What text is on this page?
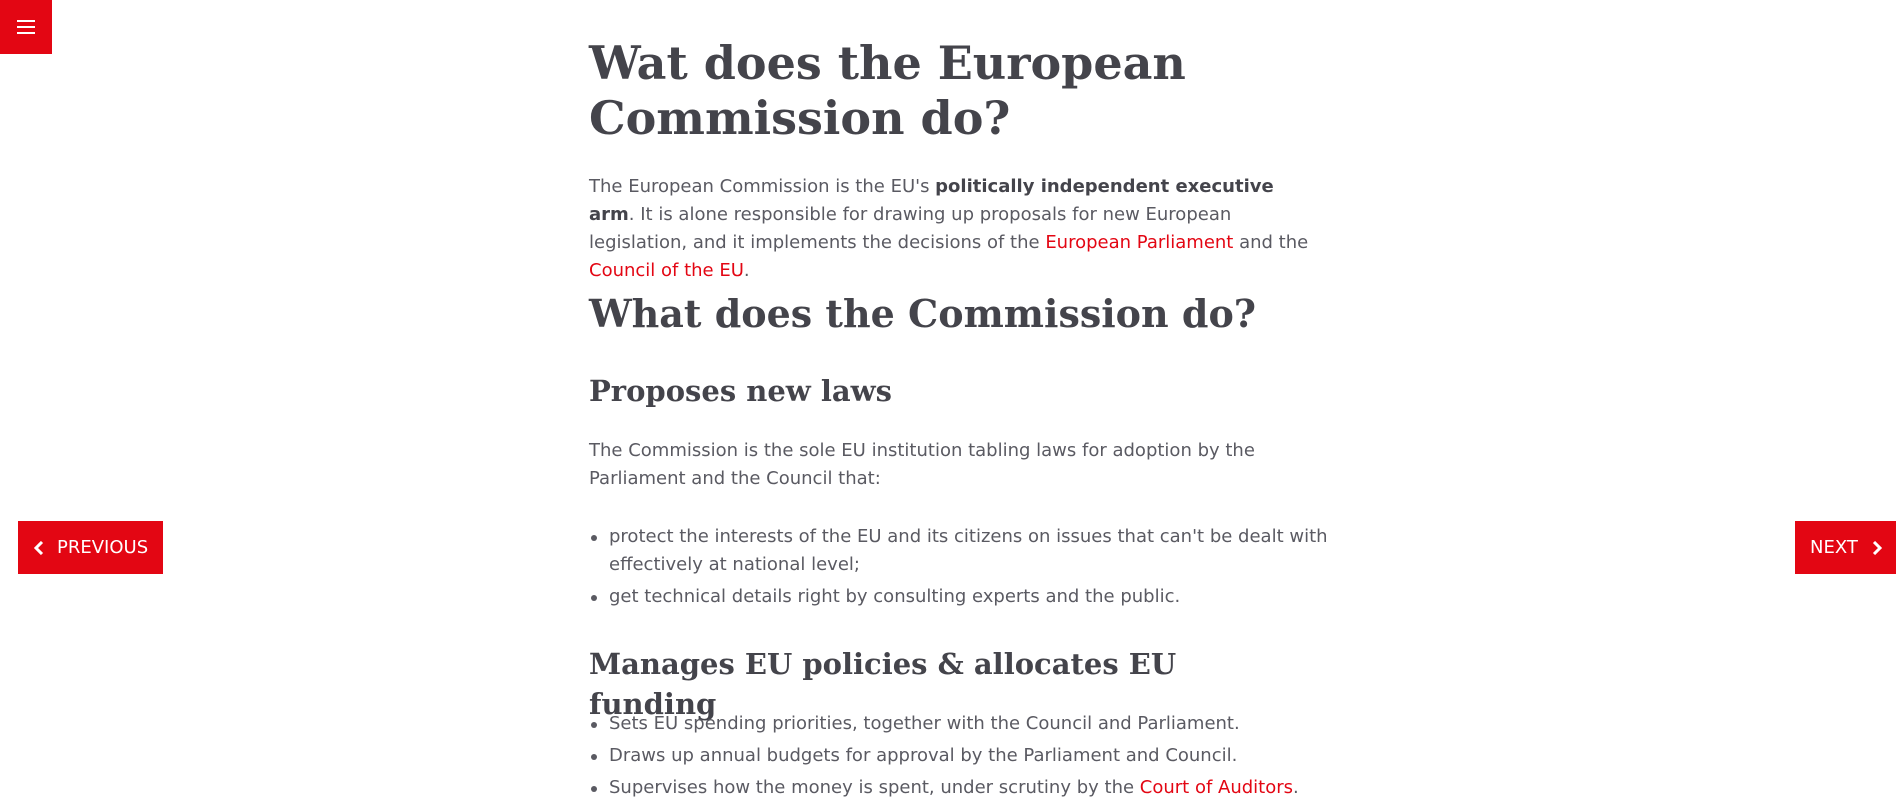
PREVIOUS	NEXT
Wat does the European Commission do?

The European Commission is the EU's politically independent executive arm. It is alone responsible for drawing up proposals for new European legislation, and it implements the decisions of the European Parliament and the Council of the EU.

What does the Commission do?
Proposes new laws

The Commission is the sole EU institution tabling laws for adoption by the Parliament and the Council that:

protect the interests of the EU and its citizens on issues that can't be dealt with effectively at national level;
get technical details right by consulting experts and the public.
Manages EU policies & allocates EU funding
Sets EU spending priorities, together with the Council and Parliament.
Draws up annual budgets for approval by the Parliament and Council.
Supervises how the money is spent, under scrutiny by the Court of Auditors.
